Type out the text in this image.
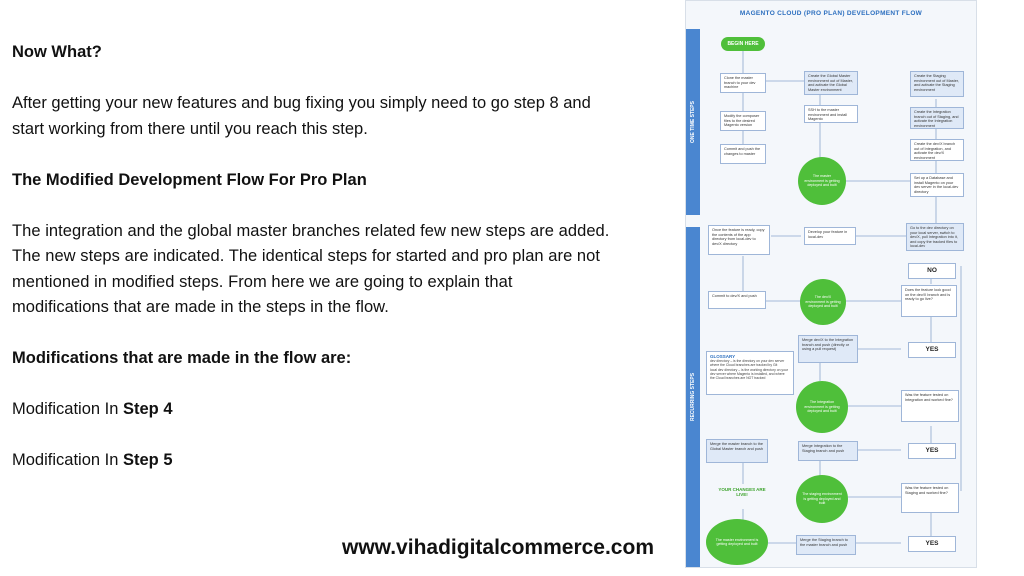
Now What?

After getting your new features and bug fixing you simply need to go step 8 and start working from there until you reach this step.

The Modified Development Flow For Pro Plan

The integration and the global master branches related few new steps are added. The new steps are indicated. The identical steps for started and pro plan are not mentioned in modified steps. From here we are going to explain that modifications that are made in the steps in the flow.

Modifications that are made in the flow are:

Modification In Step 4

Modification In Step 5

www.vihadigitalcommerce.com
MAGENTO CLOUD (PRO PLAN) DEVELOPMENT FLOW
BEGIN HERE
ONE TIME STEPS
RECURRING STEPS
Clone the master branch to your dev machine
Modify the composer files to the desired Magento version
Commit and push the changes to master
Create the Global Master environment out of Master, and activate the Global Master environment
SSH to the master environment and install Magento
Create the Staging environment out of Master, and activate the Staging environment
Create the Integration branch out of Staging, and activate the Integration environment
Create the dev/X branch out of Integration, and activate the dev/X environment
Set up a Database and install Magento on your dev server in the local-dev directory
The master environment is getting deployed and built
Go to the dev directory on your local server, switch to dev/X, pull Integration into it, and copy the tracked files to local-dev
Develop your feature in local-dev
Once the feature is ready, copy the contents of the app directory from local-dev to dev/X directory
Commit to dev/X and push	The dev/X environment is getting deployed and built
Does the feature look good on the dev/X branch and is ready to go live?
NO
YES
Merge dev/X to the Integration branch and push (directly or using a pull request)
GLOSSARY
dev directory – is the directory on your dev server where the Cloud branches are tracked by Git
local dev directory – is the working directory on your dev server where Magento is installed, and where the Cloud branches are NOT tracked
The Integration environment is getting deployed and built
Was the feature tested on Integration and worked fine?
YES
Merge Integration to the Staging branch and push
Merge the master branch to the Global Master branch and push
YOUR CHANGES ARE LIVE!	The staging environment is getting deployed and built
Was the feature tested on Staging and worked fine?
YES
Merge the Staging branch to the master branch and push
The master environment is getting deployed and built
